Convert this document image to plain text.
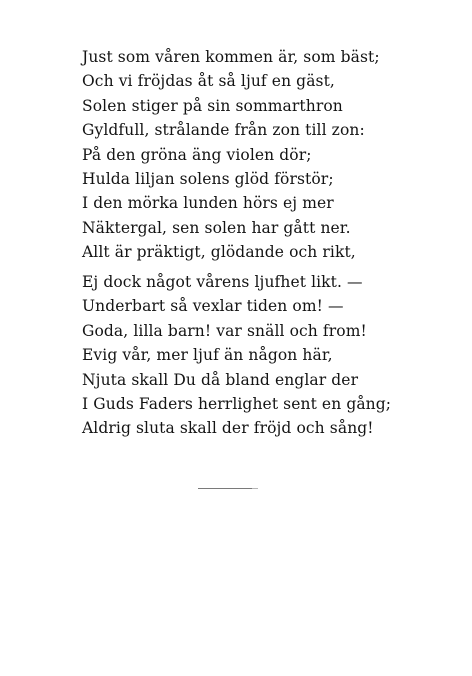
Just som våren kommen är, som bäst;
Och vi fröjdas åt så ljuf en gäst,
Solen stiger på sin sommarthron
Gyldfull, strålande från zon till zon:
På den gröna äng violen dör;
Hulda liljan solens glöd förstör;
I den mörka lunden hörs ej mer
Näktergal, sen solen har gått ner.
Allt är präktigt, glödande och rikt,
Ej dock något vårens ljufhet likt. —
Underbart så vexlar tiden om! —
Goda, lilla barn! var snäll och from!
Evig vår, mer ljuf än någon här,
Njuta skall Du då bland englar der
I Guds Faders herrlighet sent en gång;
Aldrig sluta skall der fröjd och sång!
